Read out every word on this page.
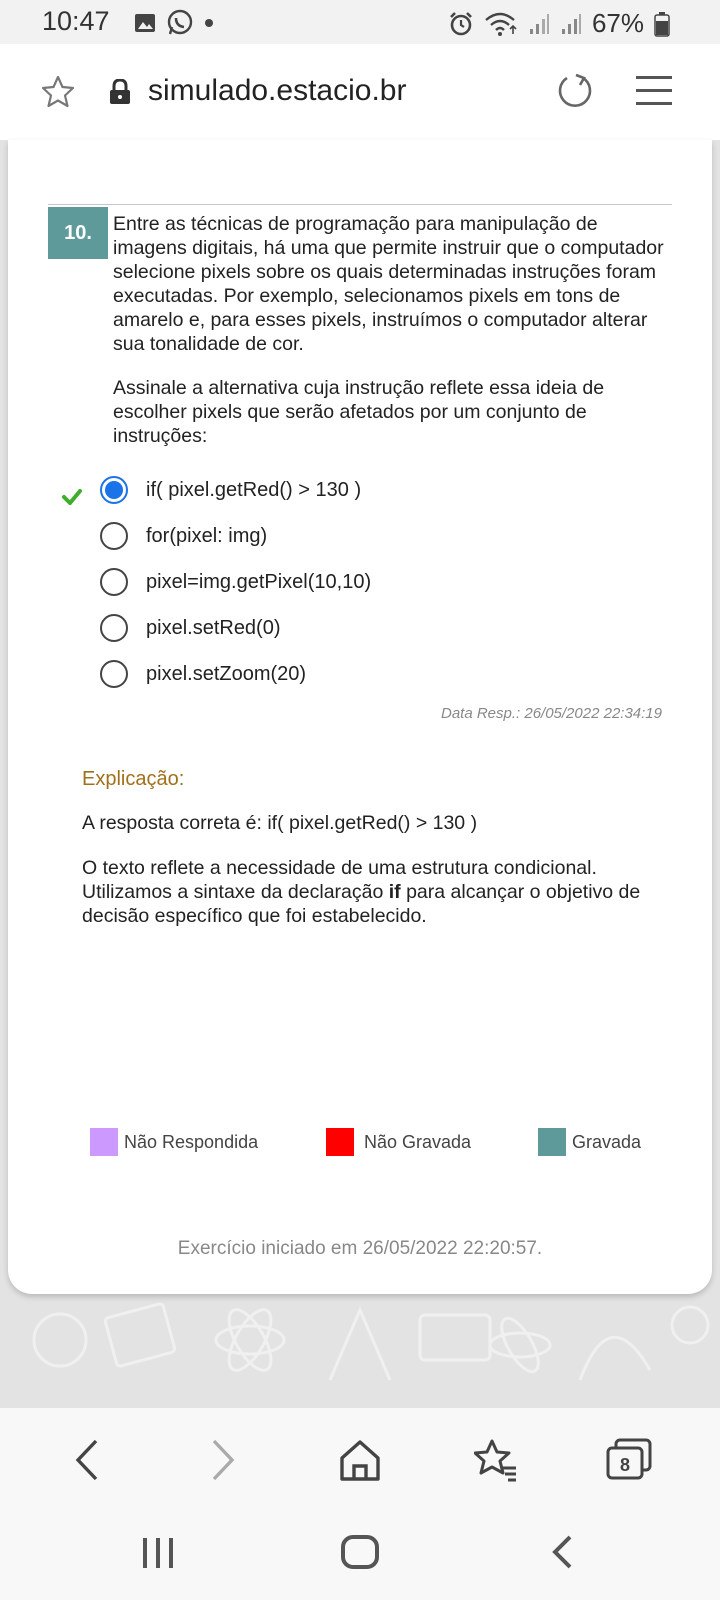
10:47	67%
simulado.estacio.br
10.	Entre as técnicas de programação para manipulação de imagens digitais, há uma que permite instruir que o computador selecione pixels sobre os quais determinadas instruções foram executadas. Por exemplo, selecionamos pixels em tons de amarelo e, para esses pixels, instruímos o computador alterar sua tonalidade de cor.

Assinale a alternativa cuja instrução reflete essa ideia de escolher pixels que serão afetados por um conjunto de instruções:

if( pixel.getRed() > 130 )
for(pixel: img)
pixel=img.getPixel(10,10)
pixel.setRed(0)
pixel.setZoom(20)
Data Resp.: 26/05/2022 22:34:19
Explicação:
A resposta correta é: if( pixel.getRed() > 130 )
O texto reflete a necessidade de uma estrutura condicional. Utilizamos a sintaxe da declaração if para alcançar o objetivo de decisão específico que foi estabelecido.
Não Respondida	Não Gravada	Gravada
Exercício iniciado em 26/05/2022 22:20:57.
8
